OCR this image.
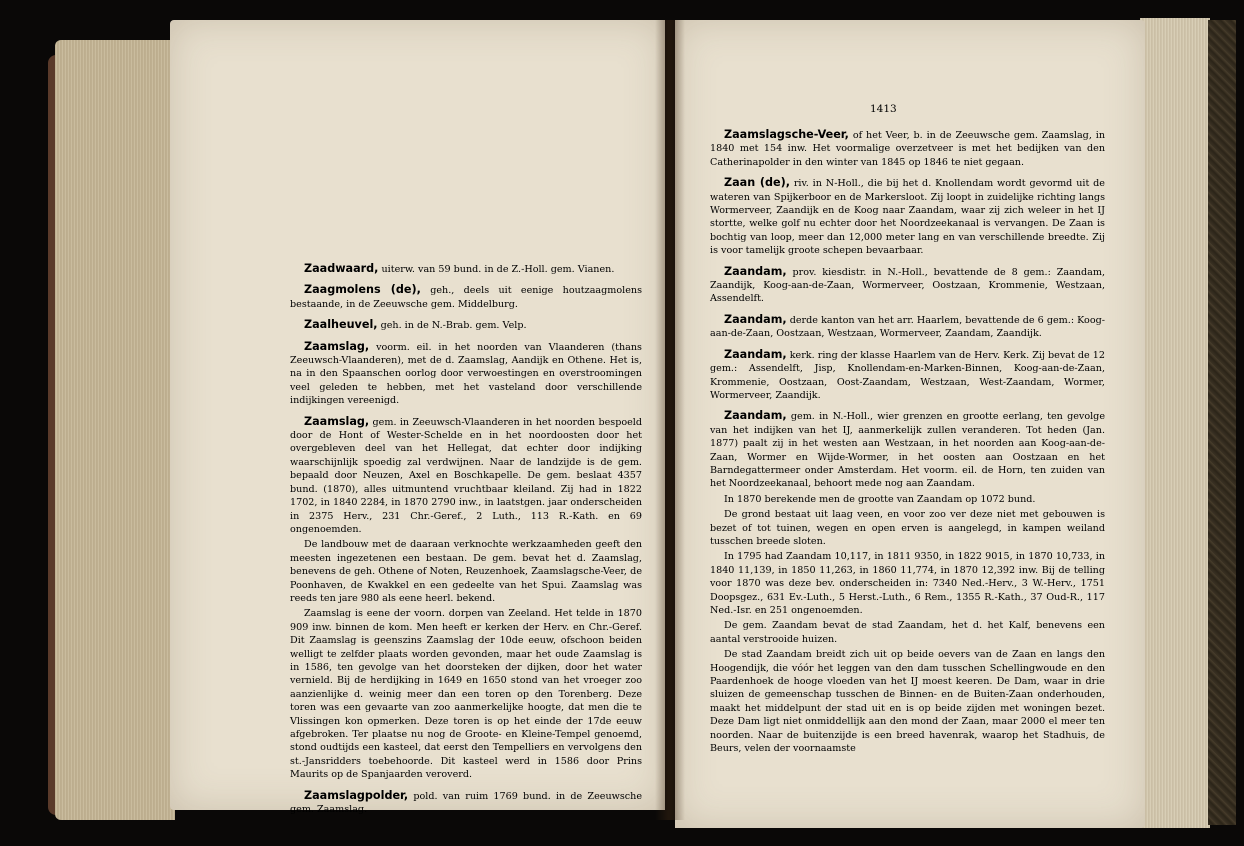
1413

Zaadwaard, uiterw. van 59 bund. in de Z.-Holl. gem. Vianen.

Zaagmolens (de), geh., deels uit eenige houtzaagmolens bestaande, in de Zeeuwsche gem. Middelburg.

Zaalheuvel, geh. in de N.-Brab. gem. Velp.

Zaamslag, voorm. eil. in het noorden van Vlaanderen (thans Zeeuwsch-Vlaanderen), met de d. Zaamslag, Aandijk en Othene. Het is, na in den Spaanschen oorlog door verwoestingen en overstroomingen veel geleden te hebben, met het vasteland door verschillende indijkingen vereenigd.

Zaamslag, gem. in Zeeuwsch-Vlaanderen in het noorden bespoeld door de Hont of Wester-Schelde en in het noordoosten door het overgebleven deel van het Hellegat, dat echter door indijking waarschijnlijk spoedig zal verdwijnen. Naar de landzijde is de gem. bepaald door Neuzen, Axel en Boschkapelle. De gem. beslaat 4357 bund. (1870), alles uitmuntend vruchtbaar kleiland. Zij had in 1822 1702, in 1840 2284, in 1870 2790 inw., in laatstgen. jaar onderscheiden in 2375 Herv., 231 Chr.-Geref., 2 Luth., 113 R.-Kath. en 69 ongenoemden.

De landbouw met de daaraan verknochte werkzaamheden geeft den meesten ingezetenen een bestaan. De gem. bevat het d. Zaamslag, benevens de geh. Othene of Noten, Reuzenhoek, Zaamslagsche-Veer, de Poonhaven, de Kwakkel en een gedeelte van het Spui. Zaamslag was reeds ten jare 980 als eene heerl. bekend.

Zaamslag is eene der voorn. dorpen van Zeeland. Het telde in 1870 909 inw. binnen de kom. Men heeft er kerken der Herv. en Chr.-Geref. Dit Zaamslag is geenszins Zaamslag der 10de eeuw, ofschoon beiden welligt te zelfder plaats worden gevonden, maar het oude Zaamslag is in 1586, ten gevolge van het doorsteken der dijken, door het water vernield. Bij de herdijking in 1649 en 1650 stond van het vroeger zoo aanzienlijke d. weinig meer dan een toren op den Torenberg. Deze toren was een gevaarte van zoo aanmerkelijke hoogte, dat men die te Vlissingen kon opmerken. Deze toren is op het einde der 17de eeuw afgebroken. Ter plaatse nu nog de Groote- en Kleine-Tempel genoemd, stond oudtijds een kasteel, dat eerst den Tempelliers en vervolgens den st.-Jansridders toebehoorde. Dit kasteel werd in 1586 door Prins Maurits op de Spanjaarden veroverd.

Zaamslagpolder, pold. van ruim 1769 bund. in de Zeeuwsche gem. Zaamslag.

Zaamslagsche-Veer, of het Veer, b. in de Zeeuwsche gem. Zaamslag, in 1840 met 154 inw. Het voormalige overzetveer is met het bedijken van den Catherinapolder in den winter van 1845 op 1846 te niet gegaan.

Zaan (de), riv. in N-Holl., die bij het d. Knollendam wordt gevormd uit de wateren van Spijkerboor en de Markersloot. Zij loopt in zuidelijke richting langs Wormerveer, Zaandijk en de Koog naar Zaandam, waar zij zich weleer in het IJ stortte, welke golf nu echter door het Noordzeekanaal is vervangen. De Zaan is bochtig van loop, meer dan 12,000 meter lang en van verschillende breedte. Zij is voor tamelijk groote schepen bevaarbaar.

Zaandam, prov. kiesdistr. in N.-Holl., bevattende de 8 gem.: Zaandam, Zaandijk, Koog-aan-de-Zaan, Wormerveer, Oostzaan, Krommenie, Westzaan, Assendelft.

Zaandam, derde kanton van het arr. Haarlem, bevattende de 6 gem.: Koog-aan-de-Zaan, Oostzaan, Westzaan, Wormerveer, Zaandam, Zaandijk.

Zaandam, kerk. ring der klasse Haarlem van de Herv. Kerk. Zij bevat de 12 gem.: Assendelft, Jisp, Knollendam-en-Marken-Binnen, Koog-aan-de-Zaan, Krommenie, Oostzaan, Oost-Zaandam, Westzaan, West-Zaandam, Wormer, Wormerveer, Zaandijk.

Zaandam, gem. in N.-Holl., wier grenzen en grootte eerlang, ten gevolge van het indijken van het IJ, aanmerkelijk zullen veranderen. Tot heden (Jan. 1877) paalt zij in het westen aan Westzaan, in het noorden aan Koog-aan-de-Zaan, Wormer en Wijde-Wormer, in het oosten aan Oostzaan en het Barndegattermeer onder Amsterdam. Het voorm. eil. de Horn, ten zuiden van het Noordzeekanaal, behoort mede nog aan Zaandam.

In 1870 berekende men de grootte van Zaandam op 1072 bund.

De grond bestaat uit laag veen, en voor zoo ver deze niet met gebouwen is bezet of tot tuinen, wegen en open erven is aangelegd, in kampen weiland tusschen breede sloten.

In 1795 had Zaandam 10,117, in 1811 9350, in 1822 9015, in 1870 10,733, in 1840 11,139, in 1850 11,263, in 1860 11,774, in 1870 12,392 inw. Bij de telling voor 1870 was deze bev. onderscheiden in: 7340 Ned.-Herv., 3 W.-Herv., 1751 Doopsgez., 631 Ev.-Luth., 5 Herst.-Luth., 6 Rem., 1355 R.-Kath., 37 Oud-R., 117 Ned.-Isr. en 251 ongenoemden.

De gem. Zaandam bevat de stad Zaandam, het d. het Kalf, benevens een aantal verstrooide huizen.

De stad Zaandam breidt zich uit op beide oevers van de Zaan en langs den Hoogendijk, die vóór het leggen van den dam tusschen Schellingwoude en den Paardenhoek de hooge vloeden van het IJ moest keeren. De Dam, waar in drie sluizen de gemeenschap tusschen de Binnen- en de Buiten-Zaan onderhouden, maakt het middelpunt der stad uit en is op beide zijden met woningen bezet. Deze Dam ligt niet onmiddellijk aan den mond der Zaan, maar 2000 el meer ten noorden. Naar de buitenzijde is een breed havenrak, waarop het Stadhuis, de Beurs, velen der voornaamste
